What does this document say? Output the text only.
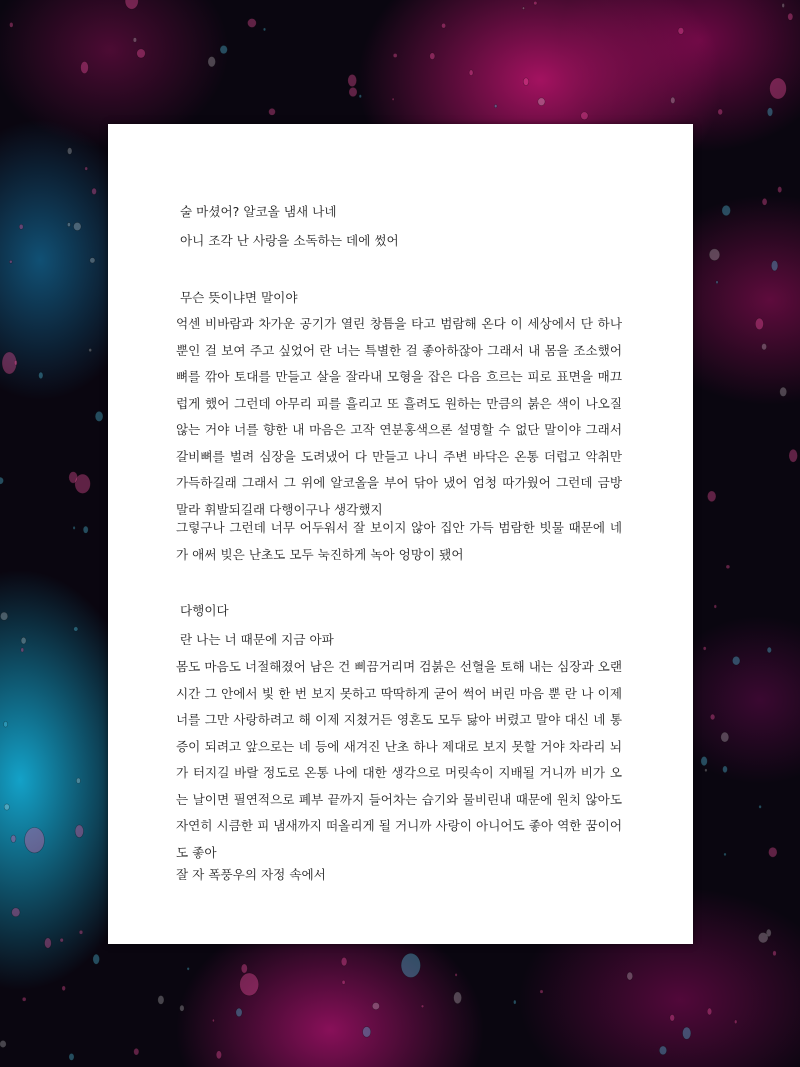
술 마셨어? 알코올 냄새 나네

아니 조각 난 사랑을 소독하는 데에 썼어

무슨 뜻이냐면 말이야

억센 비바람과 차가운 공기가 열린 창틈을 타고 범람해 온다 이 세상에서 단 하나뿐인 걸 보여 주고 싶었어 란 너는 특별한 걸 좋아하잖아 그래서 내 몸을 조소했어 뼈를 깎아 토대를 만들고 살을 잘라내 모형을 잡은 다음 흐르는 피로 표면을 매끄럽게 했어 그런데 아무리 피를 흘리고 또 흘려도 원하는 만큼의 붉은 색이 나오질 않는 거야 너를 향한 내 마음은 고작 연분홍색으론 설명할 수 없단 말이야 그래서 갈비뼈를 벌려 심장을 도려냈어 다 만들고 나니 주변 바닥은 온통 더럽고 악취만 가득하길래 그래서 그 위에 알코올을 부어 닦아 냈어 엄청 따가웠어 그런데 금방 말라 휘발되길래 다행이구나 생각했지

그렇구나 그런데 너무 어두워서 잘 보이지 않아 집안 가득 범람한 빗물 때문에 네가 애써 빚은 난초도 모두 눅진하게 녹아 엉망이 됐어

다행이다

란 나는 너 때문에 지금 아파

몸도 마음도 너절해졌어 남은 건 삐끔거리며 검붉은 선혈을 토해 내는 심장과 오랜 시간 그 안에서 빛 한 번 보지 못하고 딱딱하게 굳어 썩어 버린 마음 뿐 란 나 이제 너를 그만 사랑하려고 해 이제 지쳤거든 영혼도 모두 닳아 버렸고 말야 대신 네 통증이 되려고 앞으로는 네 등에 새겨진 난초 하나 제대로 보지 못할 거야 차라리 뇌가 터지길 바랄 정도로 온통 나에 대한 생각으로 머릿속이 지배될 거니까 비가 오는 날이면 필연적으로 폐부 끝까지 들어차는 습기와 물비린내 때문에 원치 않아도 자연히 시큼한 피 냄새까지 떠올리게 될 거니까 사랑이 아니어도 좋아 역한 꿈이어도 좋아

잘 자 폭풍우의 자정 속에서
